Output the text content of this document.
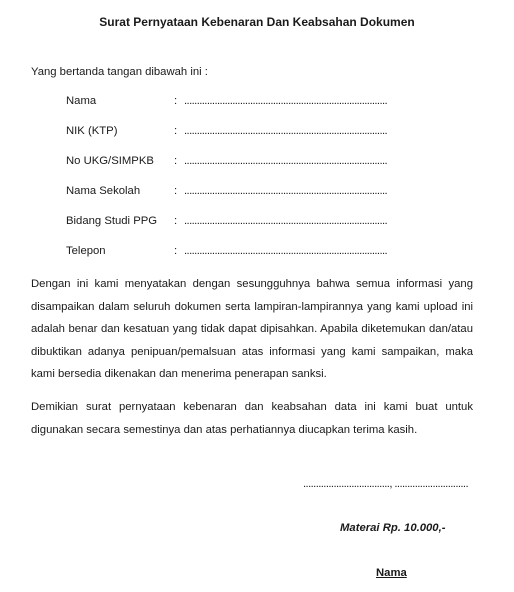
Surat Pernyataan Kebenaran Dan Keabsahan Dokumen
Yang bertanda tangan dibawah ini :
Nama	: ................................................................................
NIK (KTP)	: ................................................................................
No UKG/SIMPKB	: ................................................................................
Nama Sekolah	: ................................................................................
Bidang Studi PPG	: ................................................................................
Telepon	: ................................................................................
Dengan ini kami menyatakan dengan sesungguhnya bahwa semua informasi yang disampaikan dalam seluruh dokumen serta lampiran-lampirannya yang kami upload ini adalah benar dan kesatuan yang tidak dapat dipisahkan. Apabila diketemukan dan/atau dibuktikan adanya penipuan/pemalsuan atas informasi yang kami sampaikan, maka kami bersedia dikenakan dan menerima penerapan sanksi.
Demikian surat pernyataan kebenaran dan keabsahan data ini kami buat untuk digunakan secara semestinya dan atas perhatiannya diucapkan terima kasih.
.................................., .............................
Materai Rp. 10.000,-
Nama
